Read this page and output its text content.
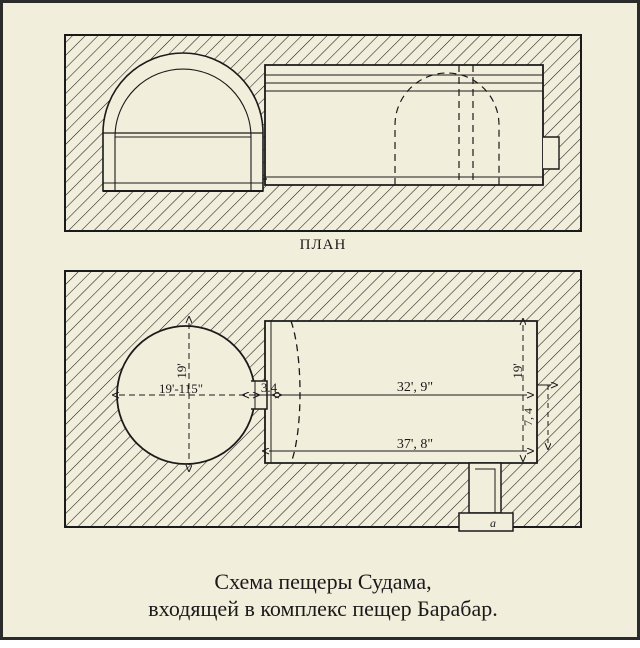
a
19'
19'-115"	3.4	32', 9"
37', 8"
19'
7, 4
ПЛАН
Схема пещеры Судама,
входящей в комплекс пещер Барабар.
